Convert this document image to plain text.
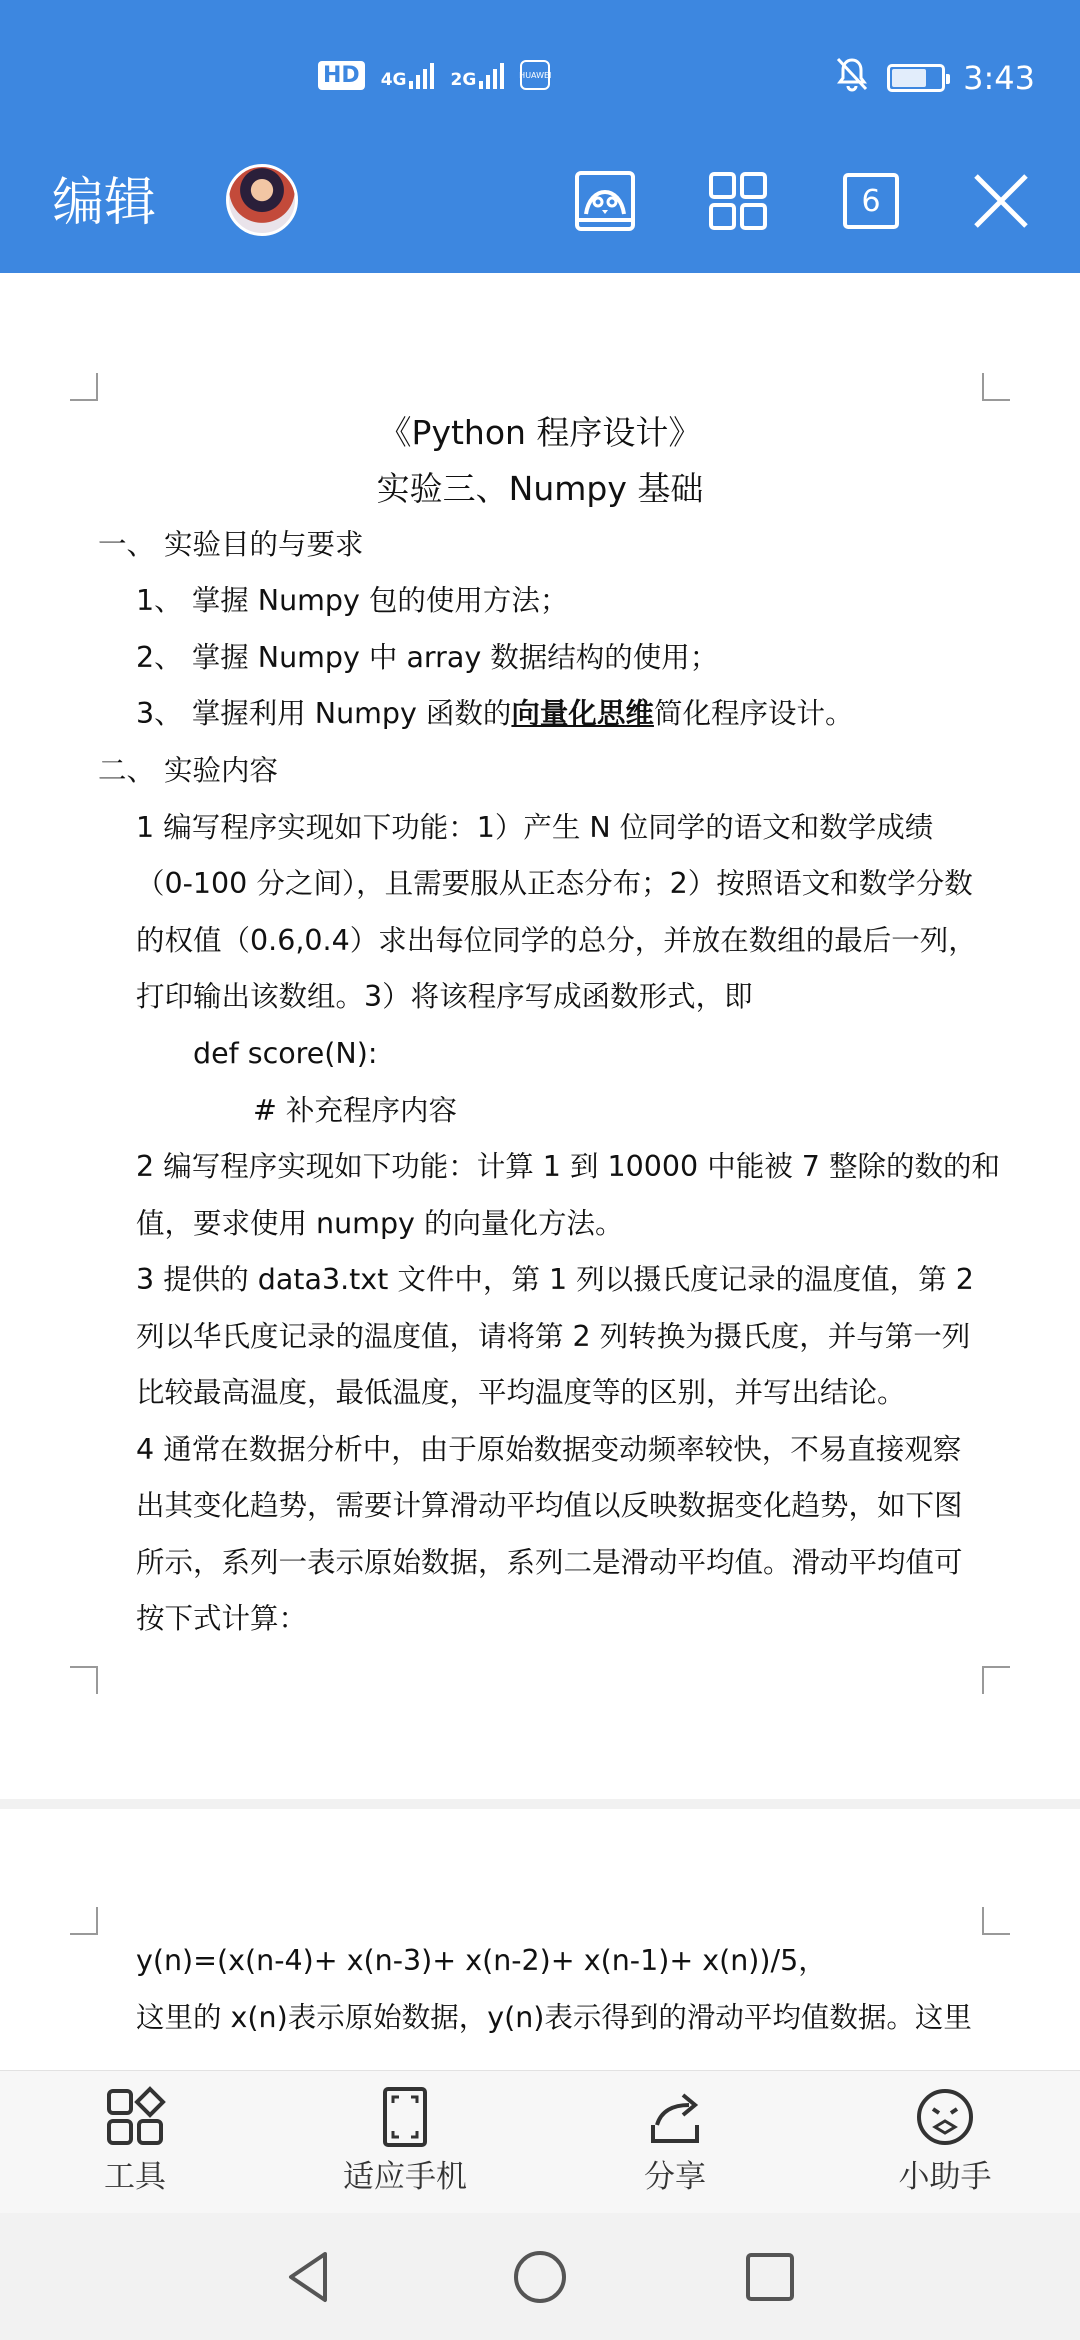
HD 4G	2G	HUAWEI	3:43
编辑	6
《Python 程序设计》
实验三、Numpy 基础
一、 实验目的与要求
1、 掌握 Numpy 包的使用方法；
2、 掌握 Numpy 中 array 数据结构的使用；
3、 掌握利用 Numpy 函数的向量化思维简化程序设计。
二、 实验内容
1 编写程序实现如下功能：1）产生 N 位同学的语文和数学成绩
（0-100 分之间），且需要服从正态分布；2）按照语文和数学分数
的权值（0.6,0.4）求出每位同学的总分，并放在数组的最后一列，
打印输出该数组。3）将该程序写成函数形式，即
def score(N):
# 补充程序内容
2 编写程序实现如下功能：计算 1 到 10000 中能被 7 整除的数的和
值，要求使用 numpy 的向量化方法。
3 提供的 data3.txt 文件中，第 1 列以摄氏度记录的温度值，第 2
列以华氏度记录的温度值，请将第 2 列转换为摄氏度，并与第一列
比较最高温度，最低温度，平均温度等的区别，并写出结论。
4 通常在数据分析中，由于原始数据变动频率较快，不易直接观察
出其变化趋势，需要计算滑动平均值以反映数据变化趋势，如下图
所示，系列一表示原始数据，系列二是滑动平均值。滑动平均值可
按下式计算：
y(n)=(x(n-4)+ x(n-3)+ x(n-2)+ x(n-1)+ x(n))/5，
这里的 x(n)表示原始数据，y(n)表示得到的滑动平均值数据。这里
工具	适应手机	分享	小助手
